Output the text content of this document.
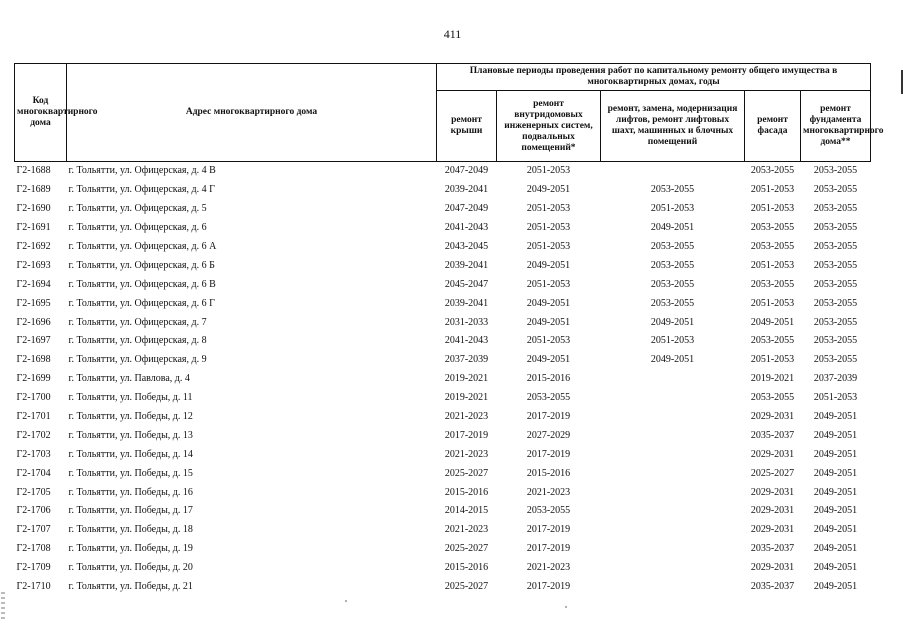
411
Код многоквартирного дома	Адрес многоквартирного дома	Плановые периоды проведения работ по капитальному ремонту общего имущества в многоквартирных домах, годы				
		ремонт крыши	ремонт внутридомовых инженерных систем, подвальных помещений*	ремонт, замена, модернизация лифтов, ремонт лифтовых шахт, машинных и блочных помещений	ремонт фасада	ремонт фундамента многоквартирного дома**
Г2-1688	г. Тольятти, ул. Офицерская, д. 4 В	2047-2049	2051-2053		2053-2055	2053-2055
Г2-1689	г. Тольятти, ул. Офицерская, д. 4 Г	2039-2041	2049-2051	2053-2055	2051-2053	2053-2055
Г2-1690	г. Тольятти, ул. Офицерская, д. 5	2047-2049	2051-2053	2051-2053	2051-2053	2053-2055
Г2-1691	г. Тольятти, ул. Офицерская, д. 6	2041-2043	2051-2053	2049-2051	2053-2055	2053-2055
Г2-1692	г. Тольятти, ул. Офицерская, д. 6 А	2043-2045	2051-2053	2053-2055	2053-2055	2053-2055
Г2-1693	г. Тольятти, ул. Офицерская, д. 6 Б	2039-2041	2049-2051	2053-2055	2051-2053	2053-2055
Г2-1694	г. Тольятти, ул. Офицерская, д. 6 В	2045-2047	2051-2053	2053-2055	2053-2055	2053-2055
Г2-1695	г. Тольятти, ул. Офицерская, д. 6 Г	2039-2041	2049-2051	2053-2055	2051-2053	2053-2055
Г2-1696	г. Тольятти, ул. Офицерская, д. 7	2031-2033	2049-2051	2049-2051	2049-2051	2053-2055
Г2-1697	г. Тольятти, ул. Офицерская, д. 8	2041-2043	2051-2053	2051-2053	2053-2055	2053-2055
Г2-1698	г. Тольятти, ул. Офицерская, д. 9	2037-2039	2049-2051	2049-2051	2051-2053	2053-2055
Г2-1699	г. Тольятти, ул. Павлова, д. 4	2019-2021	2015-2016		2019-2021	2037-2039
Г2-1700	г. Тольятти, ул. Победы, д. 11	2019-2021	2053-2055		2053-2055	2051-2053
Г2-1701	г. Тольятти, ул. Победы, д. 12	2021-2023	2017-2019		2029-2031	2049-2051
Г2-1702	г. Тольятти, ул. Победы, д. 13	2017-2019	2027-2029		2035-2037	2049-2051
Г2-1703	г. Тольятти, ул. Победы, д. 14	2021-2023	2017-2019		2029-2031	2049-2051
Г2-1704	г. Тольятти, ул. Победы, д. 15	2025-2027	2015-2016		2025-2027	2049-2051
Г2-1705	г. Тольятти, ул. Победы, д. 16	2015-2016	2021-2023		2029-2031	2049-2051
Г2-1706	г. Тольятти, ул. Победы, д. 17	2014-2015	2053-2055		2029-2031	2049-2051
Г2-1707	г. Тольятти, ул. Победы, д. 18	2021-2023	2017-2019		2029-2031	2049-2051
Г2-1708	г. Тольятти, ул. Победы, д. 19	2025-2027	2017-2019		2035-2037	2049-2051
Г2-1709	г. Тольятти, ул. Победы, д. 20	2015-2016	2021-2023		2029-2031	2049-2051
Г2-1710	г. Тольятти, ул. Победы, д. 21	2025-2027	2017-2019		2035-2037	2049-2051
